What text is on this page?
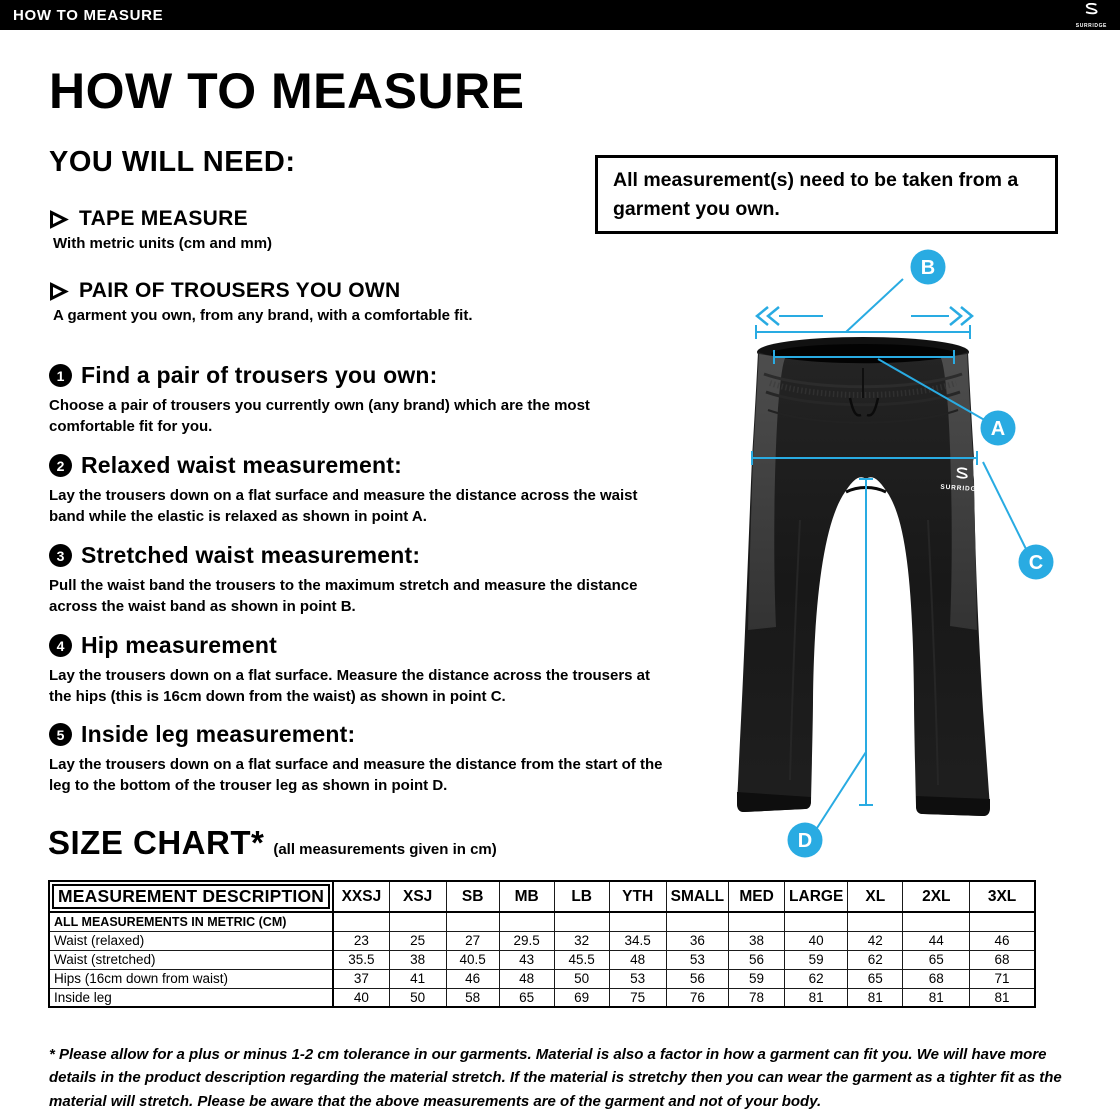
HOW TO MEASURE
SURRIDGE
HOW TO MEASURE
YOU WILL NEED:
TAPE MEASURE
With metric units (cm and mm)
PAIR OF TROUSERS YOU OWN
A garment you own, from any brand, with a comfortable fit.
All measurement(s) need to be taken from a garment you own.
1 Find a pair of trousers you own:

Choose a pair of trousers you currently own (any brand) which are the most comfortable fit for you.

2 Relaxed waist measurement:

Lay the trousers down on a flat surface and measure the distance across the waist band while the elastic is relaxed as shown in point A.

3 Stretched waist measurement:

Pull the waist band the trousers to the maximum stretch and measure the distance across the waist band as shown in point B.

4 Hip measurement

Lay the trousers down on a flat surface. Measure the distance across the trousers at the hips (this is 16cm down from the waist) as shown in point C.

5 Inside leg measurement:

Lay the trousers down on a flat surface and measure the distance from the start of the leg to the bottom of the trouser leg as shown in point D.

SURRIDGE
B
A
C
D
SIZE CHART* (all measurements given in cm)
MEASUREMENT DESCRIPTION	XXSJ	XSJ	SB	MB	LB	YTH	SMALL	MED	LARGE	XL	2XL	3XL
ALL MEASUREMENTS IN METRIC (CM)												
Waist (relaxed)	23	25	27	29.5	32	34.5	36	38	40	42	44	46
Waist (stretched)	35.5	38	40.5	43	45.5	48	53	56	59	62	65	68
Hips (16cm down from waist)	37	41	46	48	50	53	56	59	62	65	68	71
Inside leg	40	50	58	65	69	75	76	78	81	81	81	81

* Please allow for a plus or minus 1-2 cm tolerance in our garments. Material is also a factor in how a garment can fit you. We will have more details in the product description regarding the material stretch. If the material is stretchy then you can wear the garment as a tighter fit as the material will stretch. Please be aware that the above measurements are of the garment and not of your body.
